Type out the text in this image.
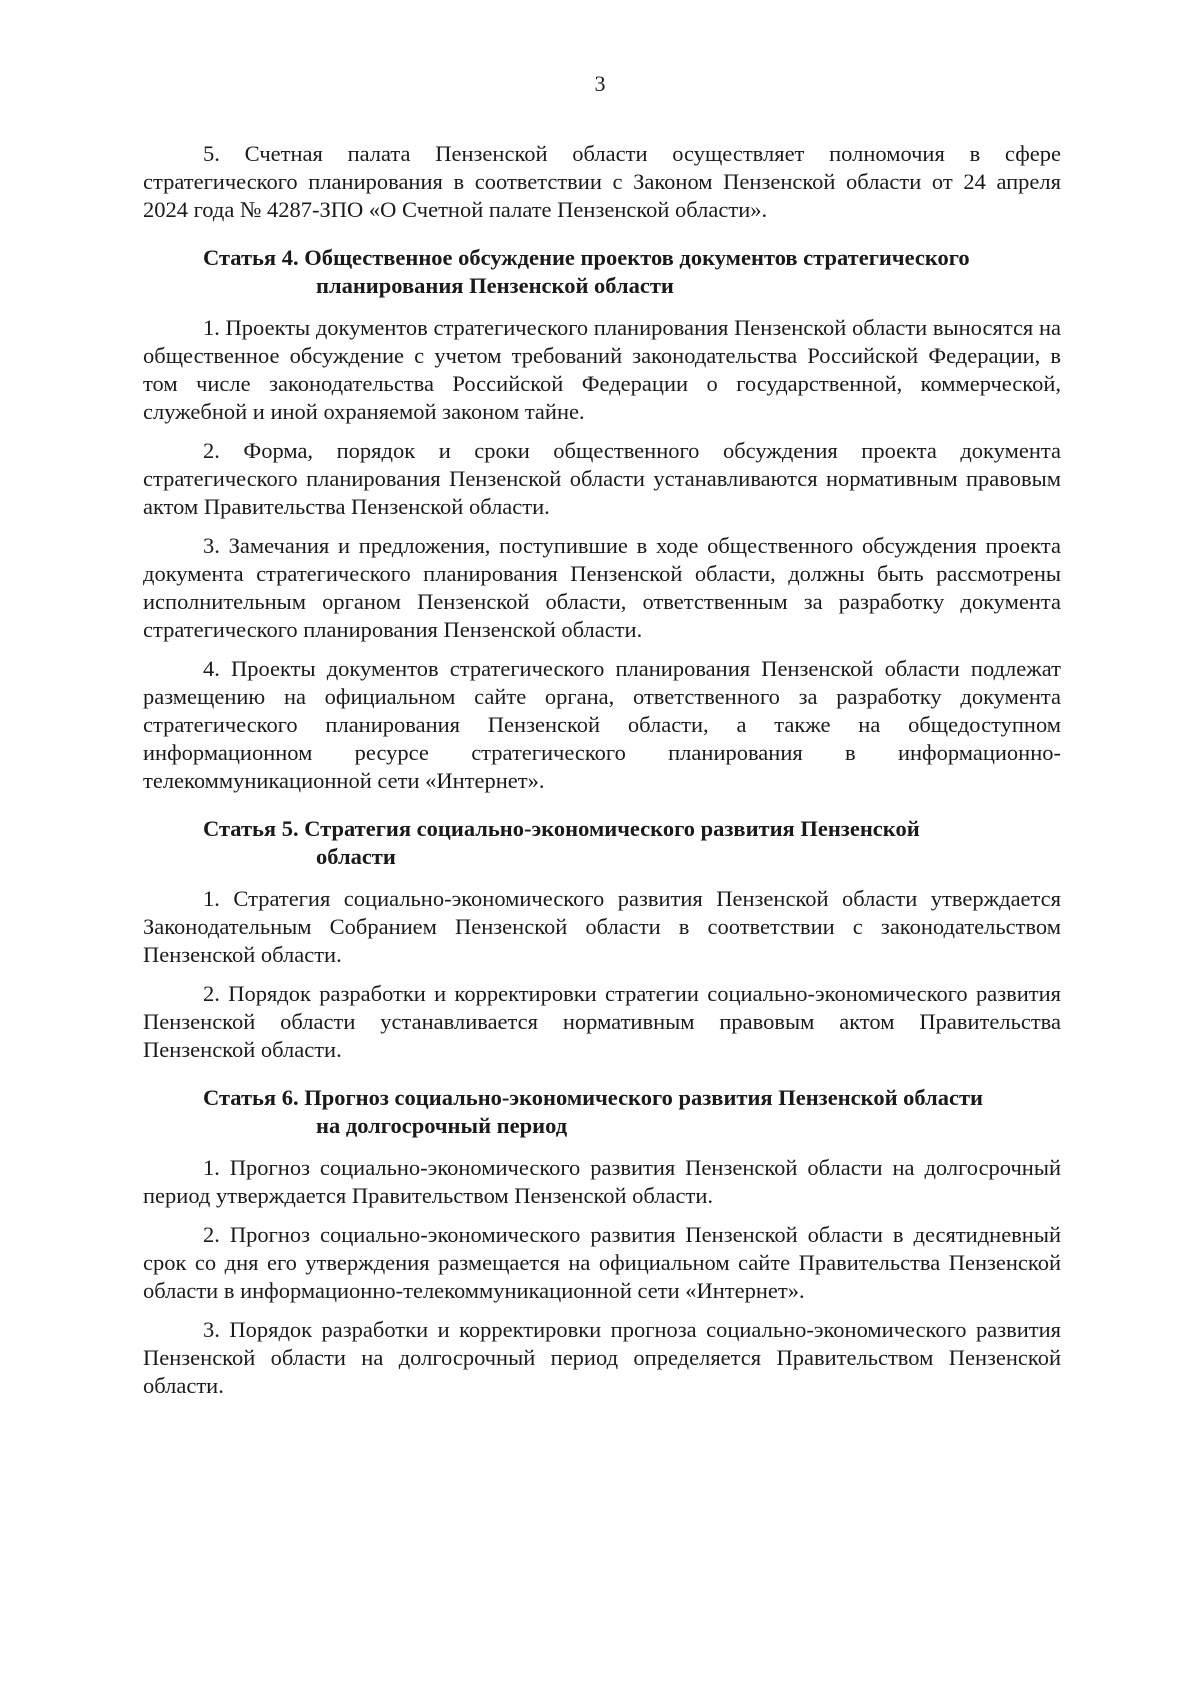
3

5. Счетная палата Пензенской области осуществляет полномочия в сфере стратегического планирования в соответствии с Законом Пензенской области от 24 апреля 2024 года № 4287-ЗПО «О Счетной палате Пензенской области».

Статья 4. Общественное обсуждение проектов документов стратегического
планирования Пензенской области

1. Проекты документов стратегического планирования Пензенской области выносятся на общественное обсуждение с учетом требований законодательства Российской Федерации, в том числе законодательства Российской Федерации о государственной, коммерческой, служебной и иной охраняемой законом тайне.

2. Форма, порядок и сроки общественного обсуждения проекта документа стратегического планирования Пензенской области устанавливаются нормативным правовым актом Правительства Пензенской области.

3. Замечания и предложения, поступившие в ходе общественного обсуждения проекта документа стратегического планирования Пензенской области, должны быть рассмотрены исполнительным органом Пензенской области, ответственным за разработку документа стратегического планирования Пензенской области.

4. Проекты документов стратегического планирования Пензенской области подлежат размещению на официальном сайте органа, ответственного за разработку документа стратегического планирования Пензенской области, а также на общедоступном информационном ресурсе стратегического планирования в информационно-телекоммуникационной сети «Интернет».

Статья 5. Стратегия социально-экономического развития Пензенской
области

1. Стратегия социально-экономического развития Пензенской области утверждается Законодательным Собранием Пензенской области в соответствии с законодательством Пензенской области.

2. Порядок разработки и корректировки стратегии социально-экономического развития Пензенской области устанавливается нормативным правовым актом Правительства Пензенской области.

Статья 6. Прогноз социально-экономического развития Пензенской области
на долгосрочный период

1. Прогноз социально-экономического развития Пензенской области на долгосрочный период утверждается Правительством Пензенской области.

2. Прогноз социально-экономического развития Пензенской области в десятидневный срок со дня его утверждения размещается на официальном сайте Правительства Пензенской области в информационно-телекоммуникационной сети «Интернет».

3. Порядок разработки и корректировки прогноза социально-экономического развития Пензенской области на долгосрочный период определяется Правительством Пензенской области.
